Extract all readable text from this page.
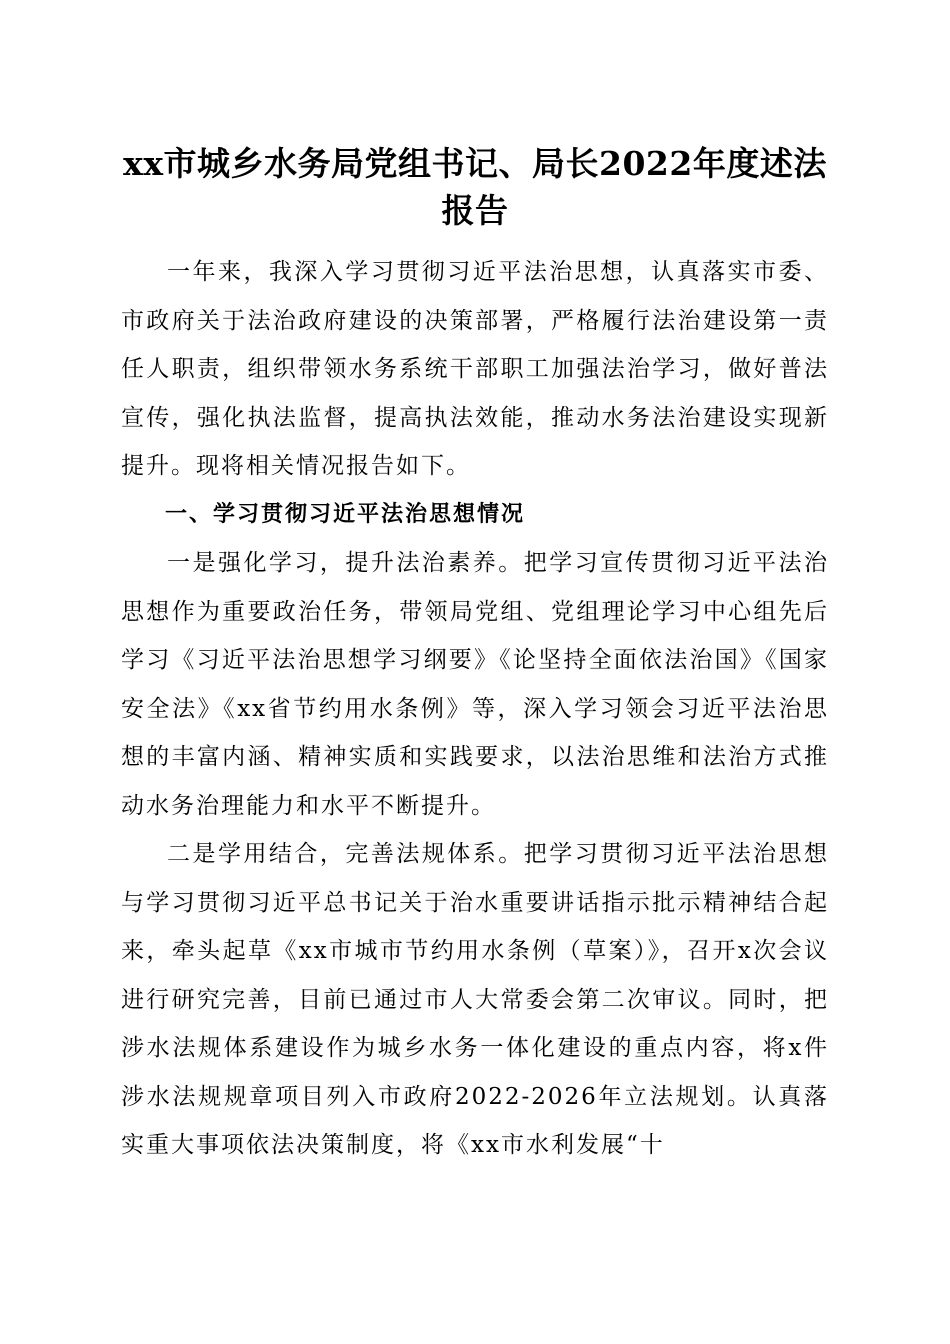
xx市城乡水务局党组书记、局长2022年度述法报告

一年来，我深入学习贯彻习近平法治思想，认真落实市委、市政府关于法治政府建设的决策部署，严格履行法治建设第一责任人职责，组织带领水务系统干部职工加强法治学习，做好普法宣传，强化执法监督，提高执法效能，推动水务法治建设实现新提升。现将相关情况报告如下。

一、学习贯彻习近平法治思想情况

一是强化学习，提升法治素养。把学习宣传贯彻习近平法治思想作为重要政治任务，带领局党组、党组理论学习中心组先后学习《习近平法治思想学习纲要》《论坚持全面依法治国》《国家安全法》《xx省节约用水条例》等，深入学习领会习近平法治思想的丰富内涵、精神实质和实践要求，以法治思维和法治方式推动水务治理能力和水平不断提升。

二是学用结合，完善法规体系。把学习贯彻习近平法治思想与学习贯彻习近平总书记关于治水重要讲话指示批示精神结合起来，牵头起草《xx市城市节约用水条例（草案）》，召开x次会议进行研究完善，目前已通过市人大常委会第二次审议。同时，把涉水法规体系建设作为城乡水务一体化建设的重点内容，将x件涉水法规规章项目列入市政府2022-2026年立法规划。认真落实重大事项依法决策制度，将《xx市水利发展“十
